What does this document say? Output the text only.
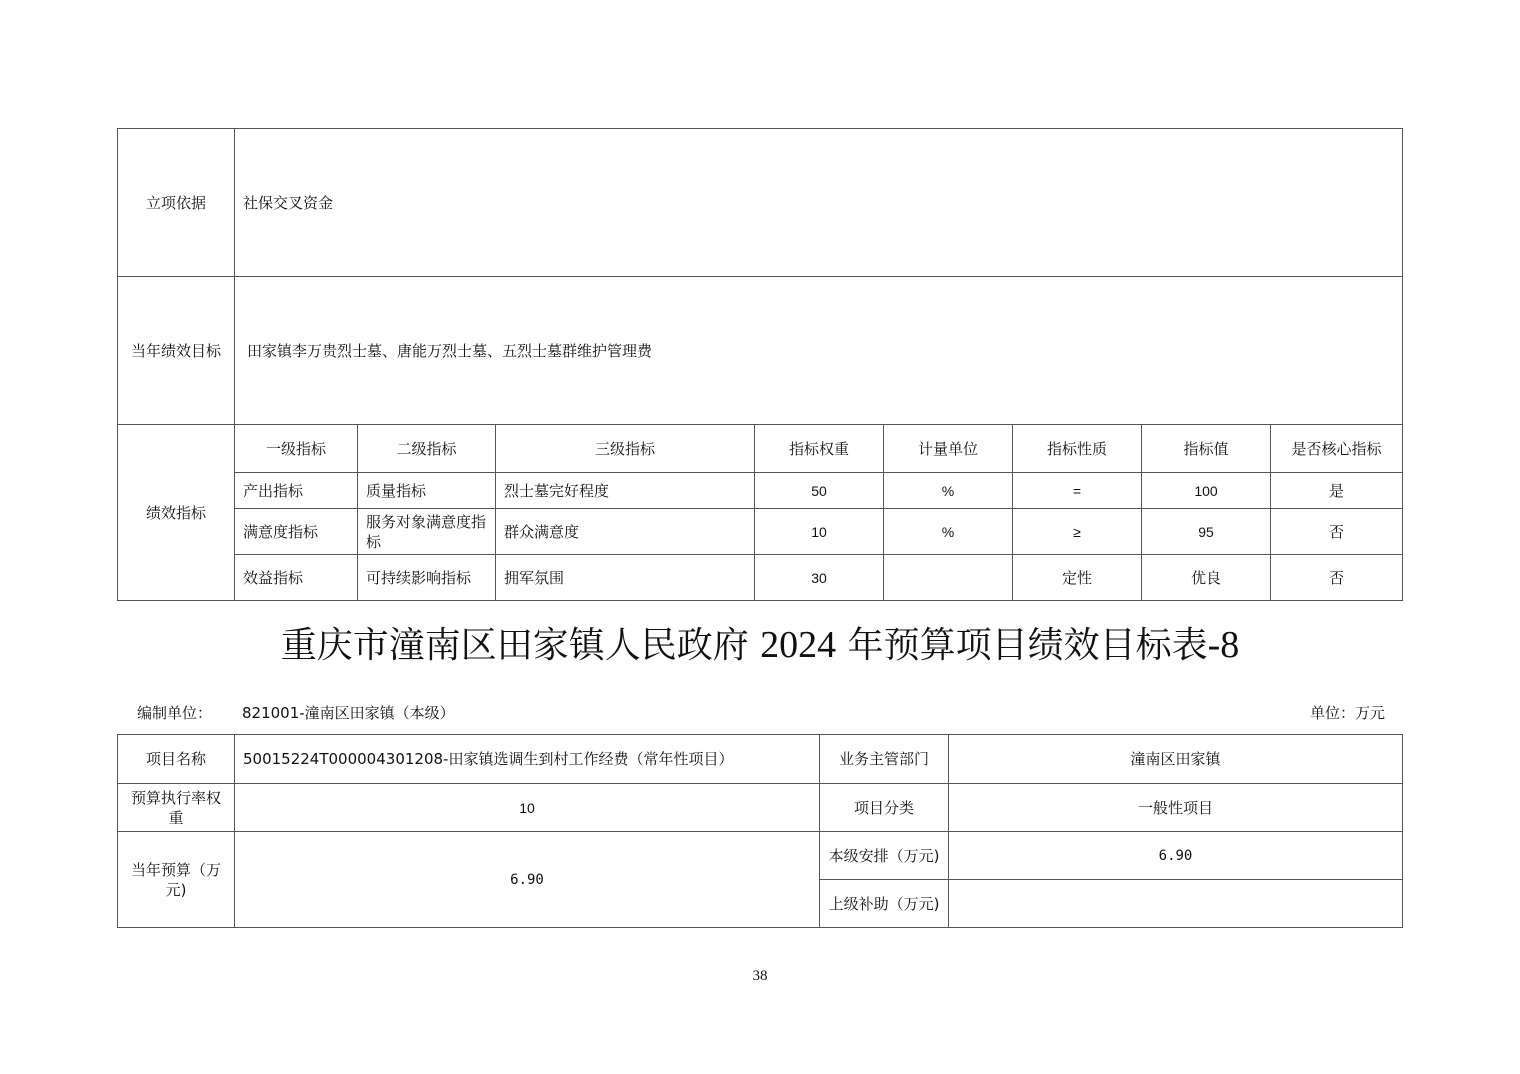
立项依据	社保交叉资金							
当年绩效目标	田家镇李万贵烈士墓、唐能万烈士墓、五烈士墓群维护管理费							
绩效指标	一级指标	二级指标	三级指标	指标权重	计量单位	指标性质	指标值	是否核心指标
	产出指标	质量指标	烈士墓完好程度	50	%	=	100	是
	满意度指标	服务对象满意度指标	群众满意度	10	%	≥	95	否
	效益指标	可持续影响指标	拥军氛围	30		定性	优良	否
重庆市潼南区田家镇人民政府 2024 年预算项目绩效目标表-8
编制单位： 821001-潼南区田家镇（本级）	单位：万元
项目名称	50015224T000004301208-田家镇选调生到村工作经费（常年性项目）	业务主管部门	潼南区田家镇
预算执行率权重	10	项目分类	一般性项目
当年预算（万元)	6.90	本级安排（万元)	6.90
		上级补助（万元)	
38
